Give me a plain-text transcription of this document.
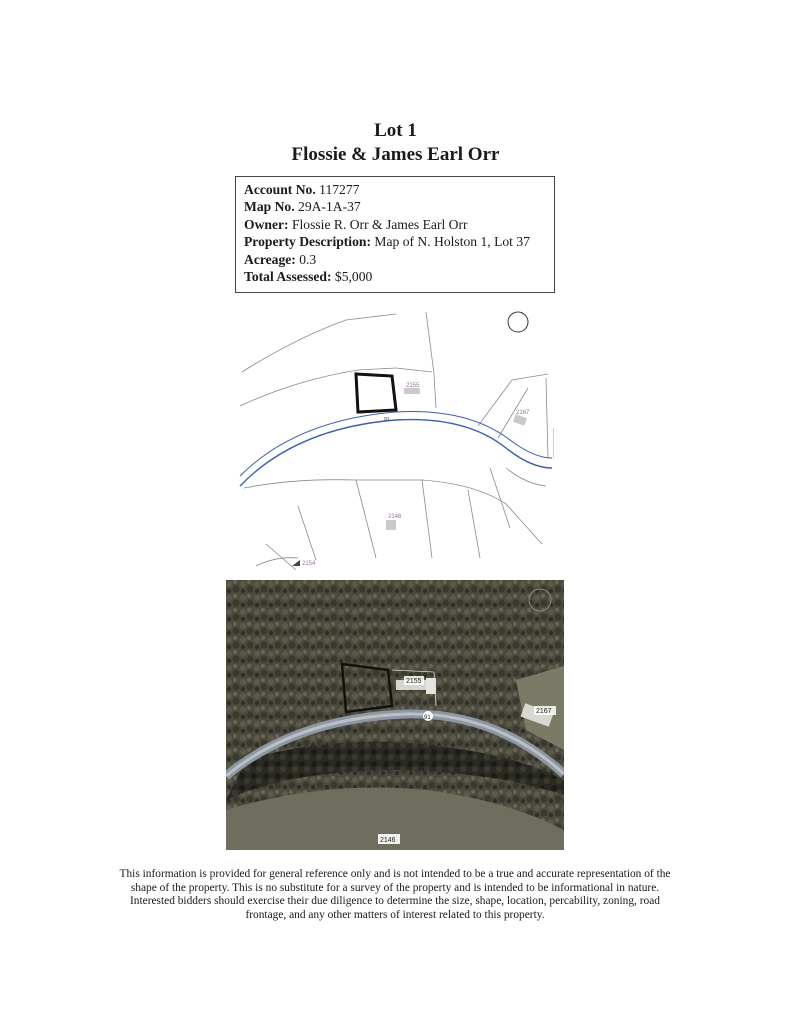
Lot 1
Flossie & James Earl Orr
Account No. 117277
Map No. 29A-1A-37
Owner: Flossie R. Orr & James Earl Orr
Property Description: Map of N. Holston 1, Lot 37
Acreage: 0.3
Total Assessed: $5,000
2155
2167
2146
2154
91
2155
2167
2146
91
This information is provided for general reference only and is not intended to be a true and accurate representation of the shape of the property. This is no substitute for a survey of the property and is intended to be informational in nature. Interested bidders should exercise their due diligence to determine the size, shape, location, percability, zoning, road frontage, and any other matters of interest related to this property.
